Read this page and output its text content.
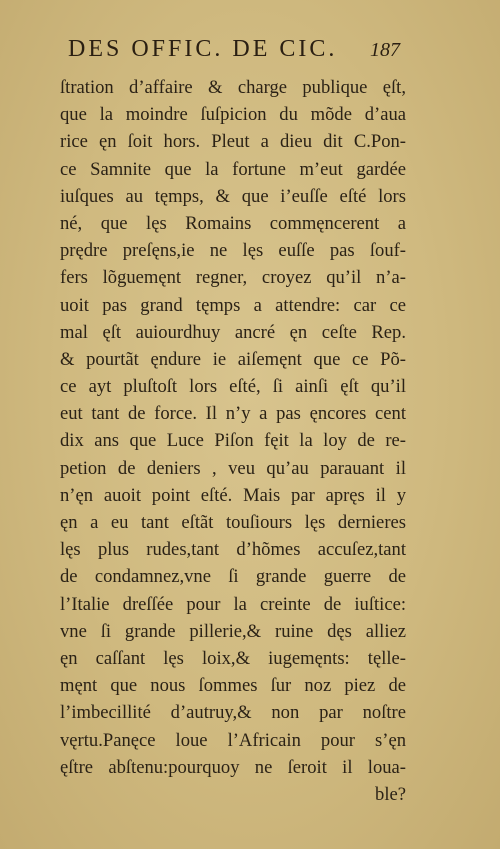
DES OFFIC. DE CIC. 187
ſtration d’affaire & charge publique ęſt,
que la moindre ſuſpicion du mõde d’aua
rice ęn ſoit hors. Pleut a dieu dit C.Pon-
ce Samnite que la fortune m’eut gardée
iuſques au tęmps, & que i’euſſe eſté lors
né, que lęs Romains commęncerent a
prędre preſęns,ie ne lęs euſſe pas ſouf-
fers lõguemęnt regner, croyez qu’il n’a-
uoit pas grand tęmps a attendre: car ce
mal ęſt auiourdhuy ancré ęn ceſte Rep.
& pourtãt ęndure ie aiſemęnt que ce Põ-
ce ayt pluſtoſt lors eſté, ſi ainſi ęſt qu’il
eut tant de force. Il n’y a pas ęncores cent
dix ans que Luce Piſon fęit la loy de re-
petion de deniers , veu qu’au parauant il
n’ęn auoit point eſté. Mais par apręs il y
ęn a eu tant eſtãt touſiours lęs dernieres
lęs plus rudes,tant d’hõmes accuſez,tant
de condamnez,vne ſi grande guerre de
l’Italie dreſſée pour la creinte de iuſtice:
vne ſi grande pillerie,& ruine dęs alliez
ęn caſſant lęs loix,& iugemęnts: tęlle-
męnt que nous ſommes ſur noz piez de
l’imbecillité d’autruy,& non par noſtre
vęrtu.Panęce loue l’Africain pour s’ęn
ęſtre abſtenu:pourquoy ne ſeroit il loua-
ble?
